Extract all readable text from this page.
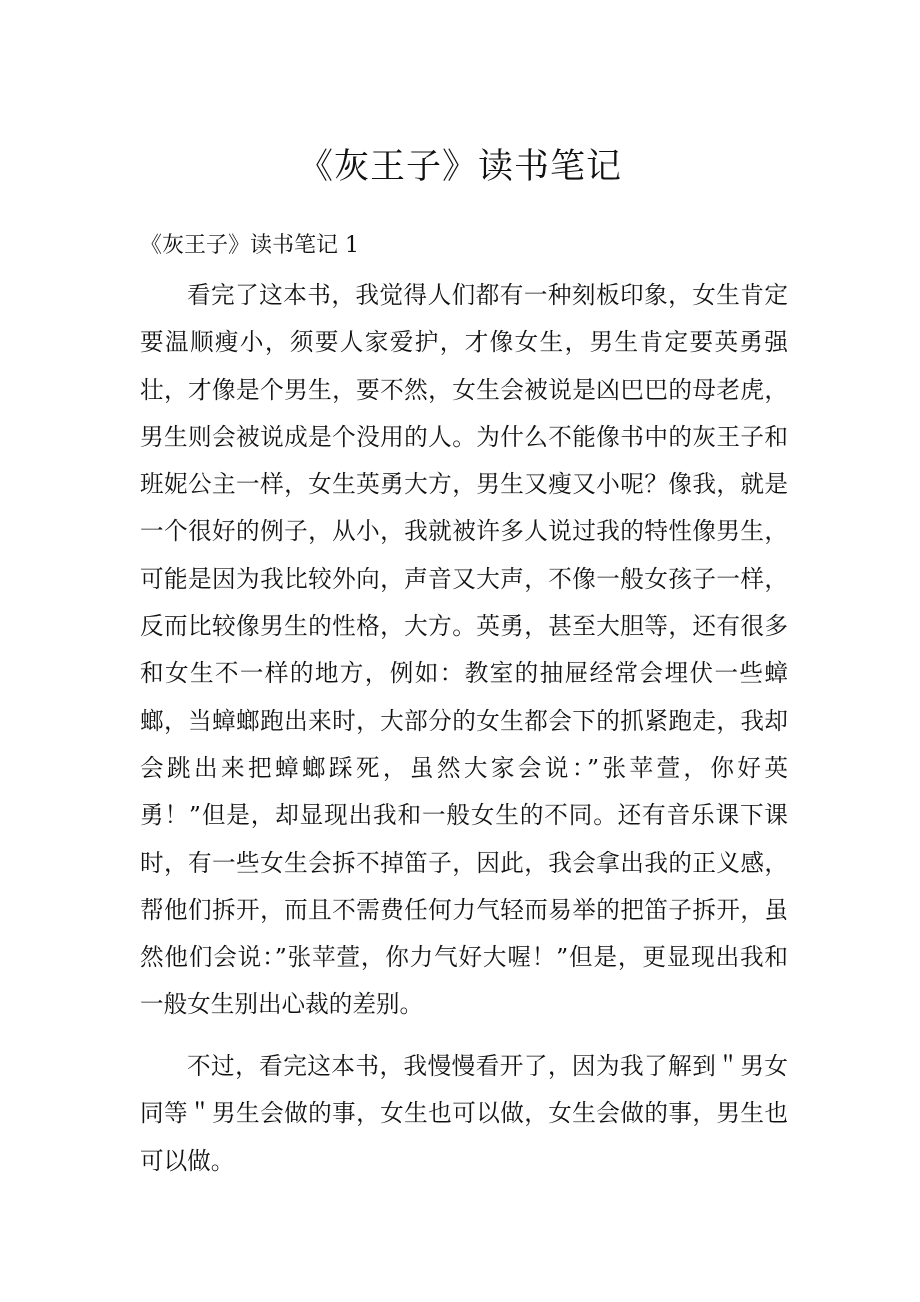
《灰王子》读书笔记

《灰王子》读书笔记 1

看完了这本书，我觉得人们都有一种刻板印象，女生肯定要温顺瘦小，须要人家爱护，才像女生，男生肯定要英勇强壮，才像是个男生，要不然，女生会被说是凶巴巴的母老虎，男生则会被说成是个没用的人。为什么不能像书中的灰王子和班妮公主一样，女生英勇大方，男生又瘦又小呢？像我，就是一个很好的例子，从小，我就被许多人说过我的特性像男生，可能是因为我比较外向，声音又大声，不像一般女孩子一样，反而比较像男生的性格，大方。英勇，甚至大胆等，还有很多和女生不一样的地方，例如：教室的抽屉经常会埋伏一些蟑螂，当蟑螂跑出来时，大部分的女生都会下的抓紧跑走，我却会跳出来把蟑螂踩死，虽然大家会说：”张苹萱，你好英勇！”但是，却显现出我和一般女生的不同。还有音乐课下课时，有一些女生会拆不掉笛子，因此，我会拿出我的正义感，帮他们拆开，而且不需费任何力气轻而易举的把笛子拆开，虽然他们会说：”张苹萱，你力气好大喔！”但是，更显现出我和一般女生别出心裁的差别。

不过，看完这本书，我慢慢看开了，因为我了解到＂男女同等＂男生会做的事，女生也可以做，女生会做的事，男生也可以做。
